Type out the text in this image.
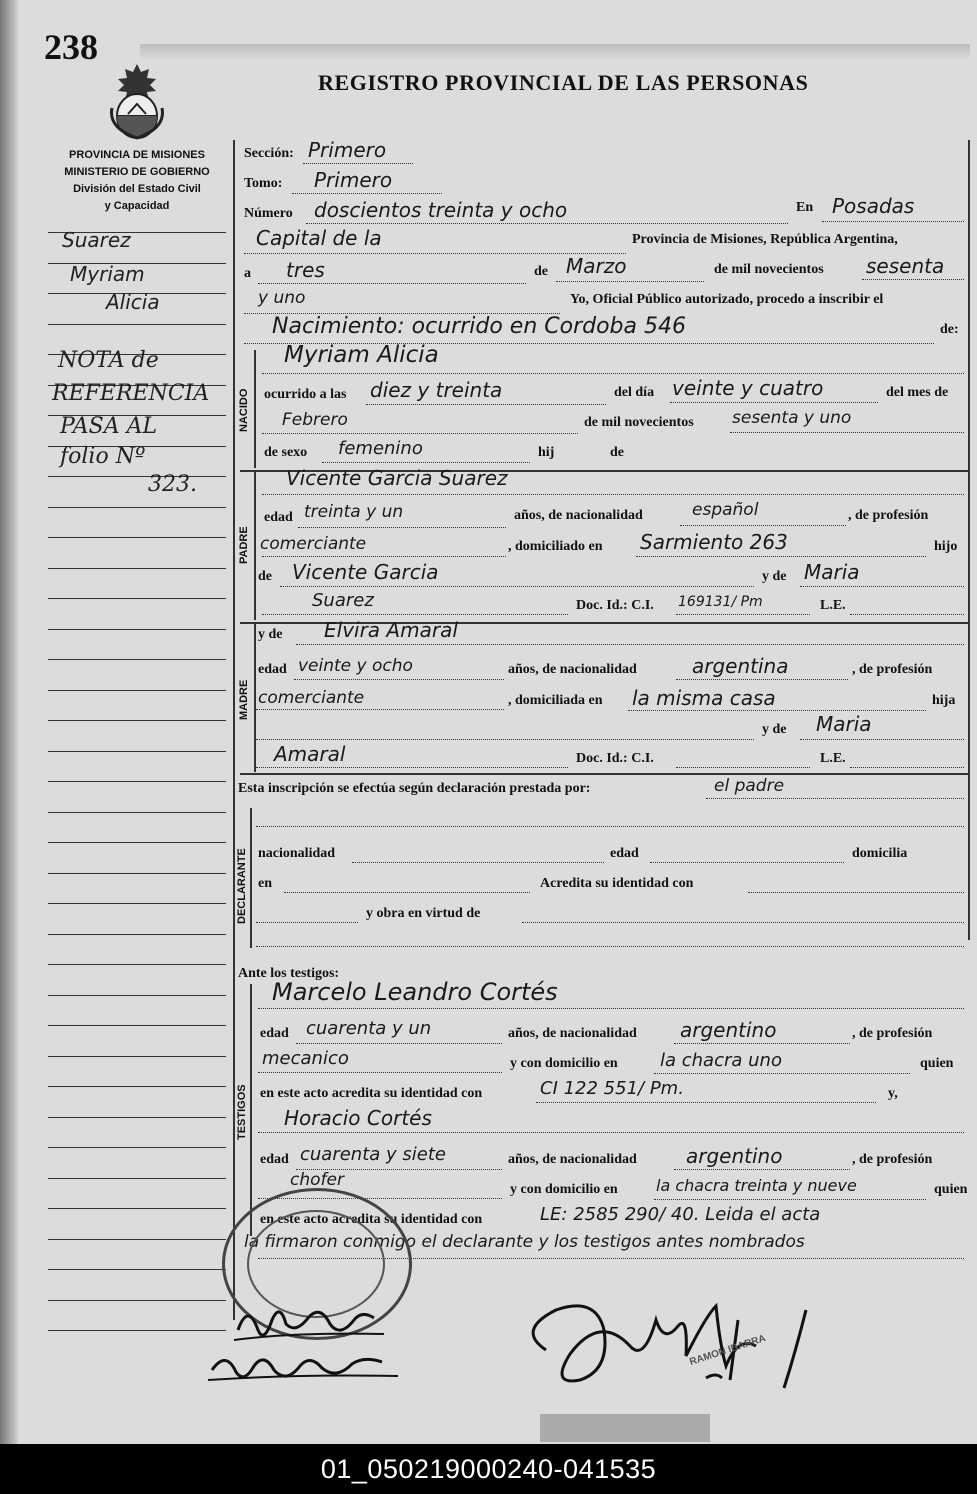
238
REGISTRO PROVINCIAL DE LAS PERSONAS
PROVINCIA DE MISIONES
MINISTERIO DE GOBIERNO
División del Estado Civil
y Capacidad
Suarez
Myriam
Alicia
NOTA de
REFERENCIA
PASA AL
folio Nº
323.
Sección: Primero
Tomo: Primero
Número doscientos treinta y ocho	En Posadas
Capital de la	Provincia de Misiones, República Argentina,
a tres	de Marzo	de mil novecientos sesenta
y uno	Yo, Oficial Público autorizado, procedo a inscribir el
Nacimiento: ocurrido en Cordoba 546	de:
NACIDO
Myriam Alicia
ocurrido a las diez y treinta	del día veinte y cuatro	del mes de
Febrero	de mil novecientos sesenta y uno
de sexo femenino	hij	de
PADRE
Vicente Garcia Suarez
edad treinta y un	años, de nacionalidad	español	, de profesión
comerciante	, domiciliado en Sarmiento 263	hijo
de Vicente Garcia	y de Maria
Suarez	Doc. Id.: C.I. 169131/ Pm	L.E.
MADRE
y de Elvira Amaral
edad veinte y ocho	años, de nacionalidad	argentina	, de profesión
comerciante	, domiciliada en la misma casa	hija
y de Maria
Amaral	Doc. Id.: C.I.	L.E.
Esta inscripción se efectúa según declaración prestada por:	el padre
DECLARANTE nacionalidad	edad	domicilia
en	Acredita su identidad con
y obra en virtud de
Ante los testigos:
TESTIGOS
Marcelo Leandro Cortés
edad cuarenta y un	años, de nacionalidad argentino	, de profesión
mecanico	y con domicilio en la chacra uno	quien
en este acto acredita su identidad con	CI 122 551/ Pm.	y,
Horacio Cortés
edad cuarenta y siete	años, de nacionalidad argentino	, de profesión
chofer	y con domicilio en la chacra treinta y nueve	quien
en este acto acredita su identidad con	LE: 2585 290/ 40. Leida el acta
la firmaron conmigo el declarante y los testigos antes nombrados
RAMON IBARRA
01_050219000240-041535
